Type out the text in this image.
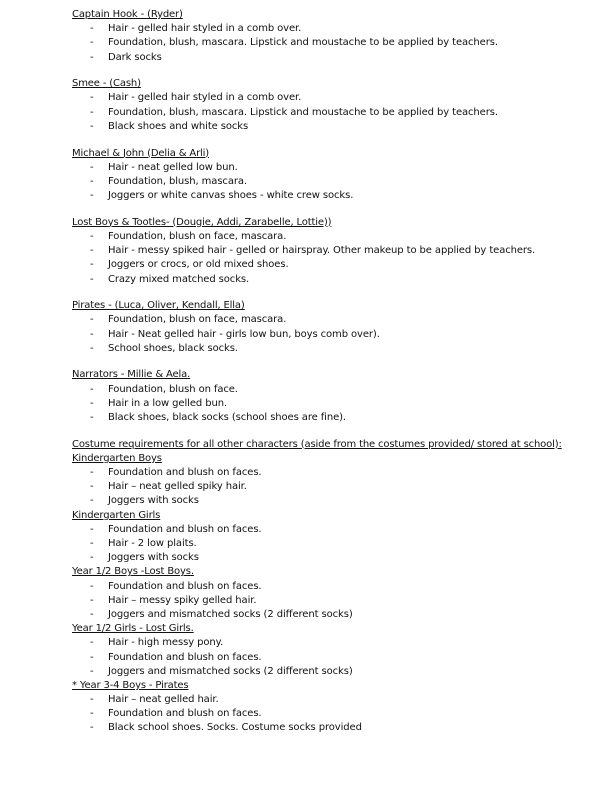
Captain Hook - (Ryder)
- Hair - gelled hair styled in a comb over.
- Foundation, blush, mascara. Lipstick and moustache to be applied by teachers.
- Dark socks
Smee - (Cash)
- Hair - gelled hair styled in a comb over.
- Foundation, blush, mascara. Lipstick and moustache to be applied by teachers.
- Black shoes and white socks
Michael & John (Delia & Arli)
- Hair - neat gelled low bun.
- Foundation, blush, mascara.
- Joggers or white canvas shoes - white crew socks.
Lost Boys & Tootles- (Dougie, Addi, Zarabelle, Lottie))
- Foundation, blush on face, mascara.
- Hair - messy spiked hair - gelled or hairspray. Other makeup to be applied by teachers.
- Joggers or crocs, or old mixed shoes.
- Crazy mixed matched socks.
Pirates - (Luca, Oliver, Kendall, Ella)
- Foundation, blush on face, mascara.
- Hair - Neat gelled hair - girls low bun, boys comb over).
- School shoes, black socks.
Narrators - Millie & Aela.
- Foundation, blush on face.
- Hair in a low gelled bun.
- Black shoes, black socks (school shoes are fine).
Costume requirements for all other characters (aside from the costumes provided/ stored at school):
Kindergarten Boys
- Foundation and blush on faces.
- Hair – neat gelled spiky hair.
- Joggers with socks
Kindergarten Girls
- Foundation and blush on faces.
- Hair - 2 low plaits.
- Joggers with socks
Year 1/2 Boys -Lost Boys.
- Foundation and blush on faces.
- Hair – messy spiky gelled hair.
- Joggers and mismatched socks (2 different socks)
Year 1/2 Girls - Lost Girls.
- Hair - high messy pony.
- Foundation and blush on faces.
- Joggers and mismatched socks (2 different socks)
* Year 3-4 Boys - Pirates
- Hair – neat gelled hair.
- Foundation and blush on faces.
- Black school shoes. Socks. Costume socks provided
